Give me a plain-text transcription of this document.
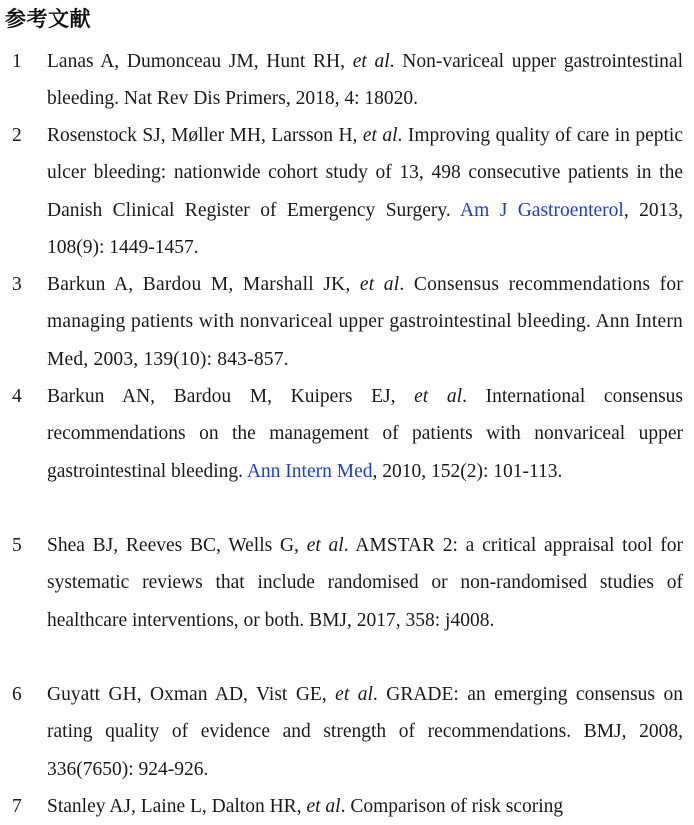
参考文献
1	Lanas A, Dumonceau JM, Hunt RH, et al. Non-variceal upper gastrointestinal bleeding. Nat Rev Dis Primers, 2018, 4: 18020.
2	Rosenstock SJ, Møller MH, Larsson H, et al. Improving quality of care in peptic ulcer bleeding: nationwide cohort study of 13, 498 consecutive patients in the Danish Clinical Register of Emergency Surgery. Am J Gastroenterol, 2013, 108(9): 1449-1457.
3	Barkun A, Bardou M, Marshall JK, et al. Consensus recommendations for managing patients with nonvariceal upper gastrointestinal bleeding. Ann Intern Med, 2003, 139(10): 843-857.
4	Barkun AN, Bardou M, Kuipers EJ, et al. International consensus recommendations on the management of patients with nonvariceal upper gastrointestinal bleeding. Ann Intern Med, 2010, 152(2): 101-113.
5	Shea BJ, Reeves BC, Wells G, et al. AMSTAR 2: a critical appraisal tool for systematic reviews that include randomised or non-randomised studies of healthcare interventions, or both. BMJ, 2017, 358: j4008.
6	Guyatt GH, Oxman AD, Vist GE, et al. GRADE: an emerging consensus on rating quality of evidence and strength of recommendations. BMJ, 2008, 336(7650): 924-926.
7	Stanley AJ, Laine L, Dalton HR, et al. Comparison of risk scoring
